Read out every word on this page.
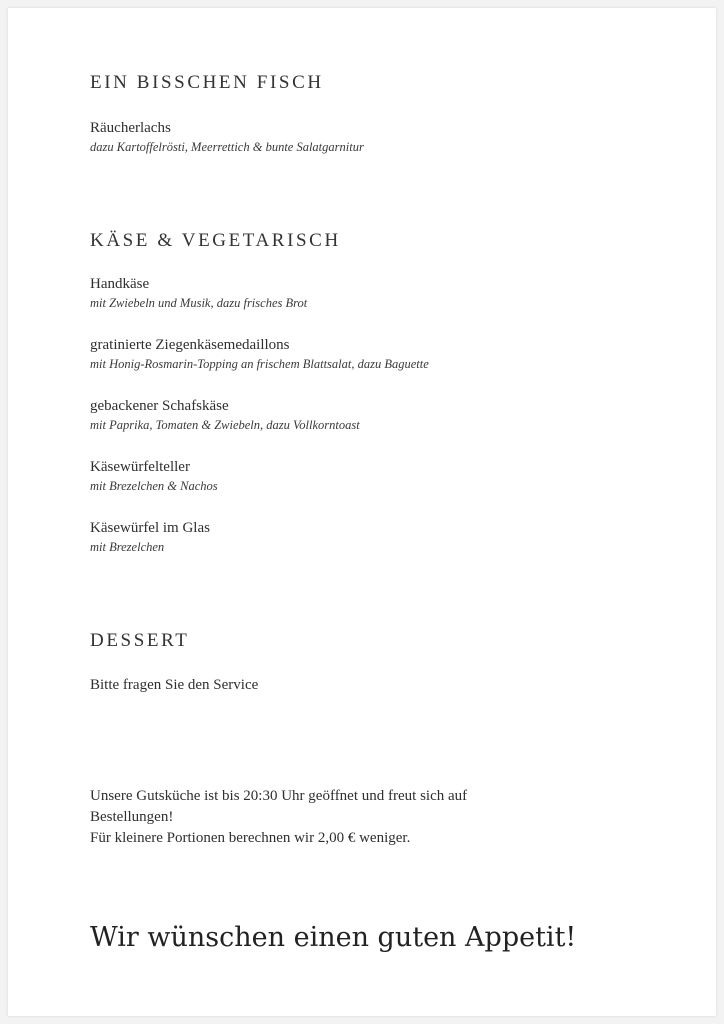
EIN BISSCHEN FISCH
Räucherlachs
dazu Kartoffelrösti, Meerrettich & bunte Salatgarnitur
KÄSE & VEGETARISCH
Handkäse
mit Zwiebeln und Musik, dazu frisches Brot
gratinierte Ziegenkäsemedaillons
mit Honig-Rosmarin-Topping an frischem Blattsalat, dazu Baguette
gebackener Schafskäse
mit Paprika, Tomaten & Zwiebeln, dazu Vollkorntoast
Käsewürfelteller
mit Brezelchen & Nachos
Käsewürfel im Glas
mit Brezelchen
DESSERT
Bitte fragen Sie den Service
Unsere Gutsküche ist bis 20:30 Uhr geöffnet und freut sich auf
Bestellungen!
Für kleinere Portionen berechnen wir 2,00 € weniger.
Wir wünschen einen guten Appetit!
